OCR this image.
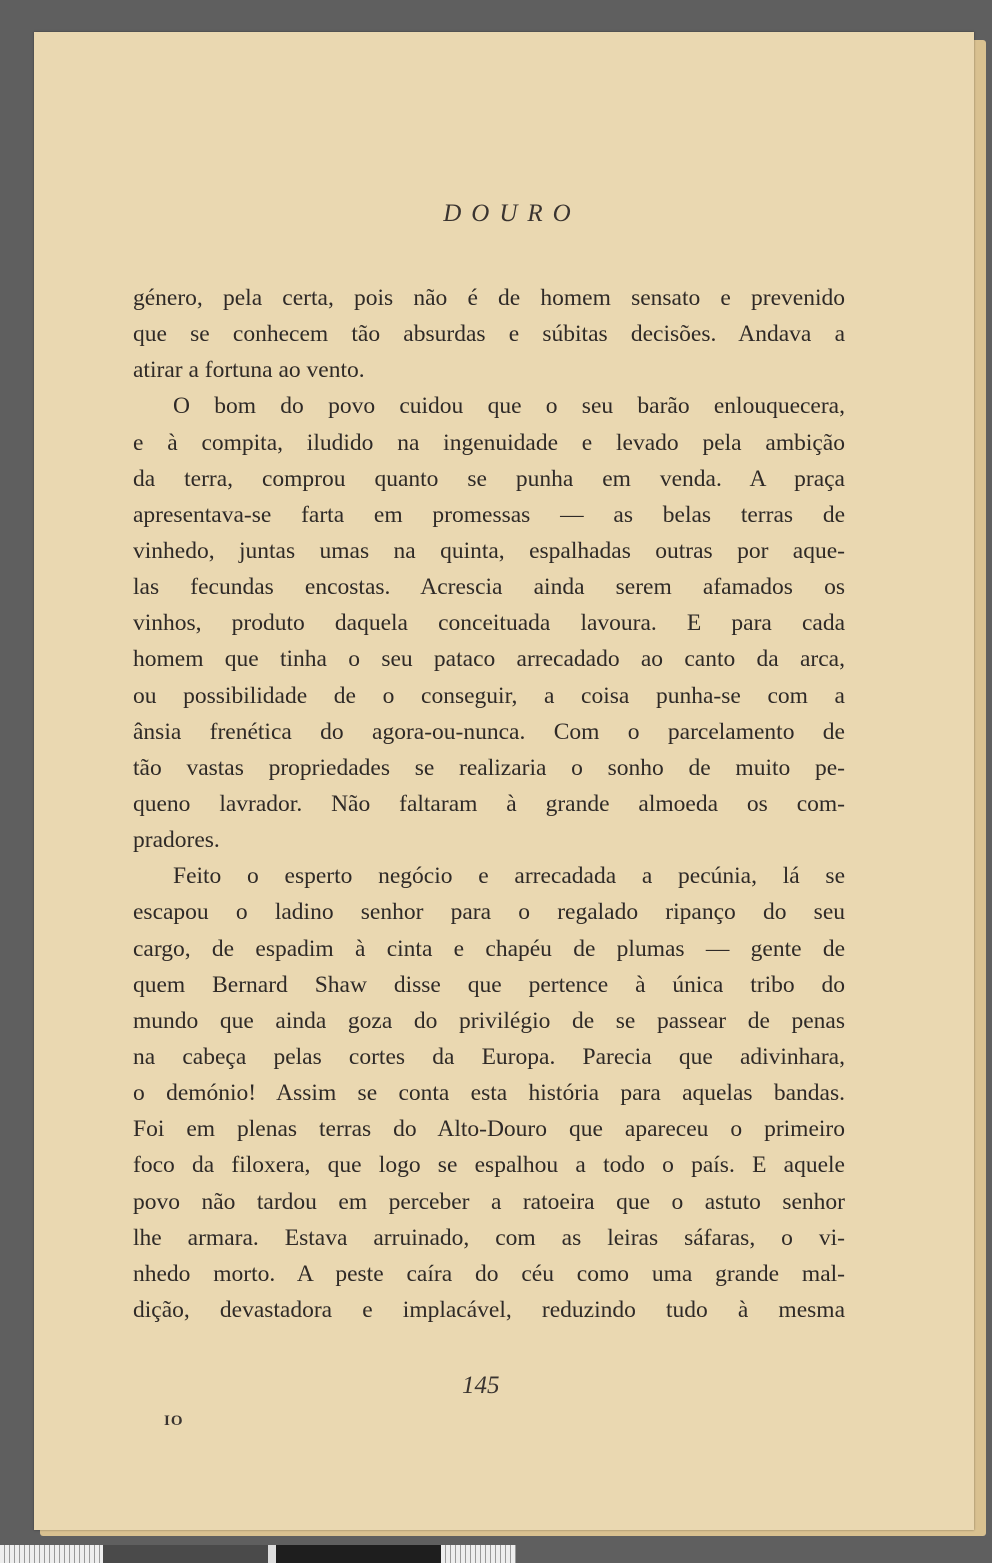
DOURO
génerо, pela certa, pois não é de homem sensato e prevenido
que se conhecem tão absurdas e súbitas decisões. Andava a
atirar a fortuna ao vento.
O bom do povo cuidou que o seu barão enlouquecera,
e à compita, iludido na ingenuidade e levado pela ambição
da terra, comprou quanto se punha em venda. A praça
apresentava-se farta em promessas — as belas terras de
vinhedo, juntas umas na quinta, espalhadas outras por aque-
las fecundas encostas. Acrescia ainda serem afamados os
vinhos, produto daquela conceituada lavoura. E para cada
homem que tinha o seu pataco arrecadado ao canto da arca,
ou possibilidade de o conseguir, a coisa punha-se com a
ânsia frenética do agora-ou-nunca. Com o parcelamento de
tão vastas propriedades se realizaria o sonho de muito pe-
queno lavrador. Não faltaram à grande almoeda os com-
pradores.
Feito o esperto negócio e arrecadada a pecúnia, lá se
escapou o ladino senhor para o regalado ripanço do seu
cargo, de espadim à cinta e chapéu de plumas — gente de
quem Bernard Shaw disse que pertence à única tribo do
mundo que ainda goza do privilégio de se passear de penas
na cabeça pelas cortes da Europa. Parecia que adivinhara,
o demónio! Assim se conta esta história para aquelas bandas.
Foi em plenas terras do Alto-Douro que apareceu o primeiro
foco da filoxera, que logo se espalhou a todo o país. E aquele
povo não tardou em perceber a ratoeira que o astuto senhor
lhe armara. Estava arruinado, com as leiras sáfaras, o vi-
nhedo morto. A peste caíra do céu como uma grande mal-
dição, devastadora e implacável, reduzindo tudo à mesma
145
IO
